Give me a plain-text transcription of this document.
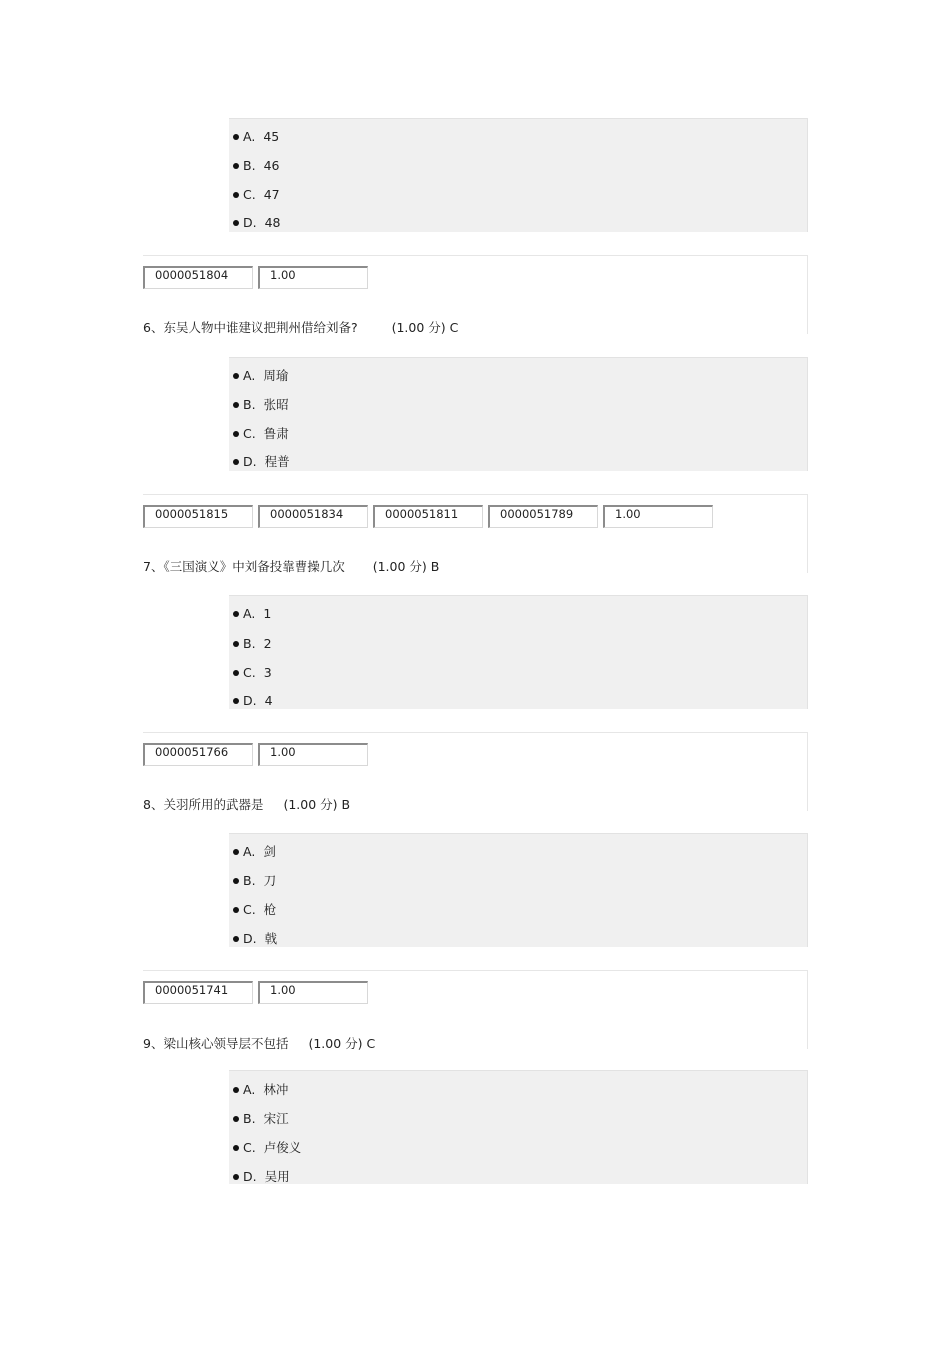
A. 45
B. 46
C. 47
D. 48
0000051804	1.00
6、东吴人物中谁建议把荆州借给刘备?	(1.00 分) C
A. 周瑜
B. 张昭
C. 鲁肃
D. 程普
0000051815	0000051834	0000051811	0000051789	1.00
7、《三国演义》中刘备投靠曹操几次 (1.00 分) B
A. 1
B. 2
C. 3
D. 4
0000051766	1.00
8、关羽所用的武器是 (1.00 分) B
A. 剑
B. 刀
C. 枪
D. 戟
0000051741	1.00
9、梁山核心领导层不包括 (1.00 分) C
A. 林冲
B. 宋江
C. 卢俊义
D. 吴用
